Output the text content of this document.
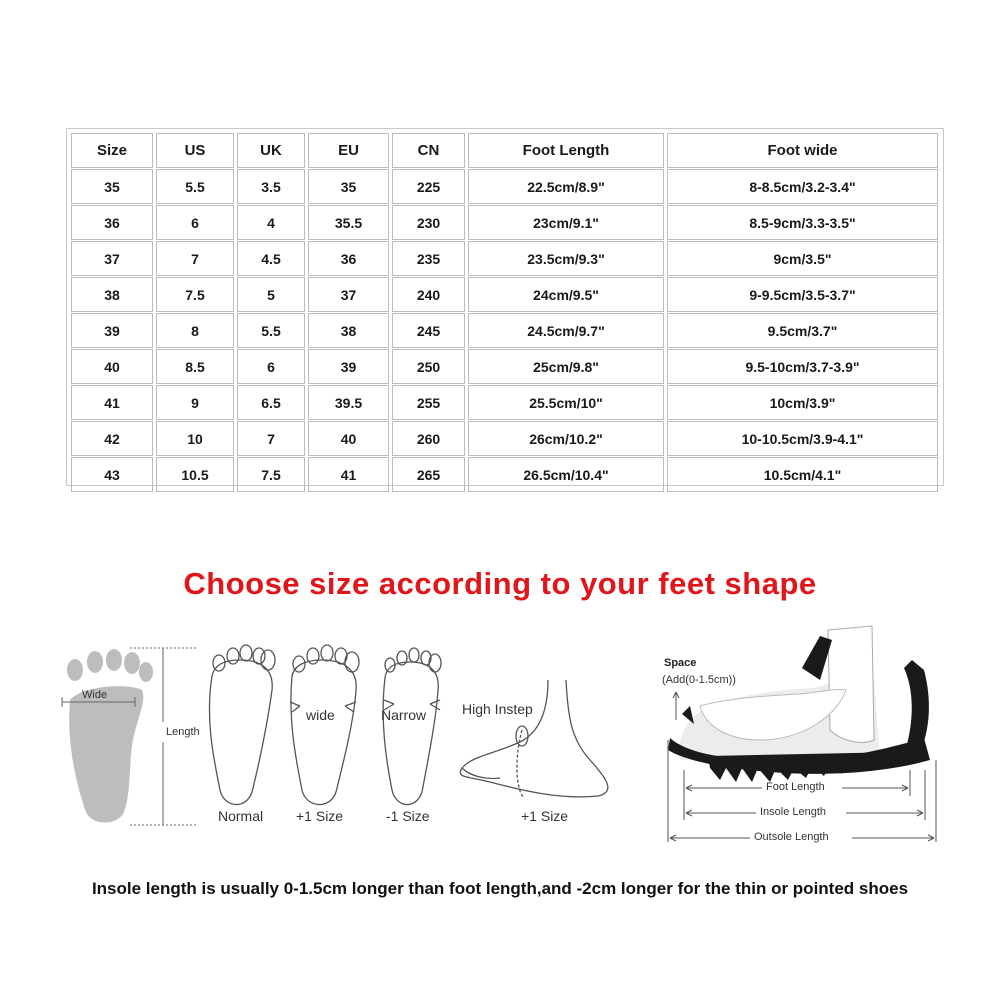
Size	US	UK	EU	CN	Foot Length	Foot wide
35	5.5	3.5	35	225	22.5cm/8.9"	8-8.5cm/3.2-3.4"
36	6	4	35.5	230	23cm/9.1"	8.5-9cm/3.3-3.5"
37	7	4.5	36	235	23.5cm/9.3"	9cm/3.5"
38	7.5	5	37	240	24cm/9.5"	9-9.5cm/3.5-3.7"
39	8	5.5	38	245	24.5cm/9.7"	9.5cm/3.7"
40	8.5	6	39	250	25cm/9.8"	9.5-10cm/3.7-3.9"
41	9	6.5	39.5	255	25.5cm/10"	10cm/3.9"
42	10	7	40	260	26cm/10.2"	10-10.5cm/3.9-4.1"
43	10.5	7.5	41	265	26.5cm/10.4"	10.5cm/4.1"
Choose size according to your feet shape
Wide
Length
Normal
wide
+1 Size
Narrow
-1 Size
High Instep
+1 Size
Space
(Add(0-1.5cm))
Foot Length
Insole Length
Outsole Length
Insole length is usually 0-1.5cm longer than foot length,and -2cm longer for the thin or pointed shoes
